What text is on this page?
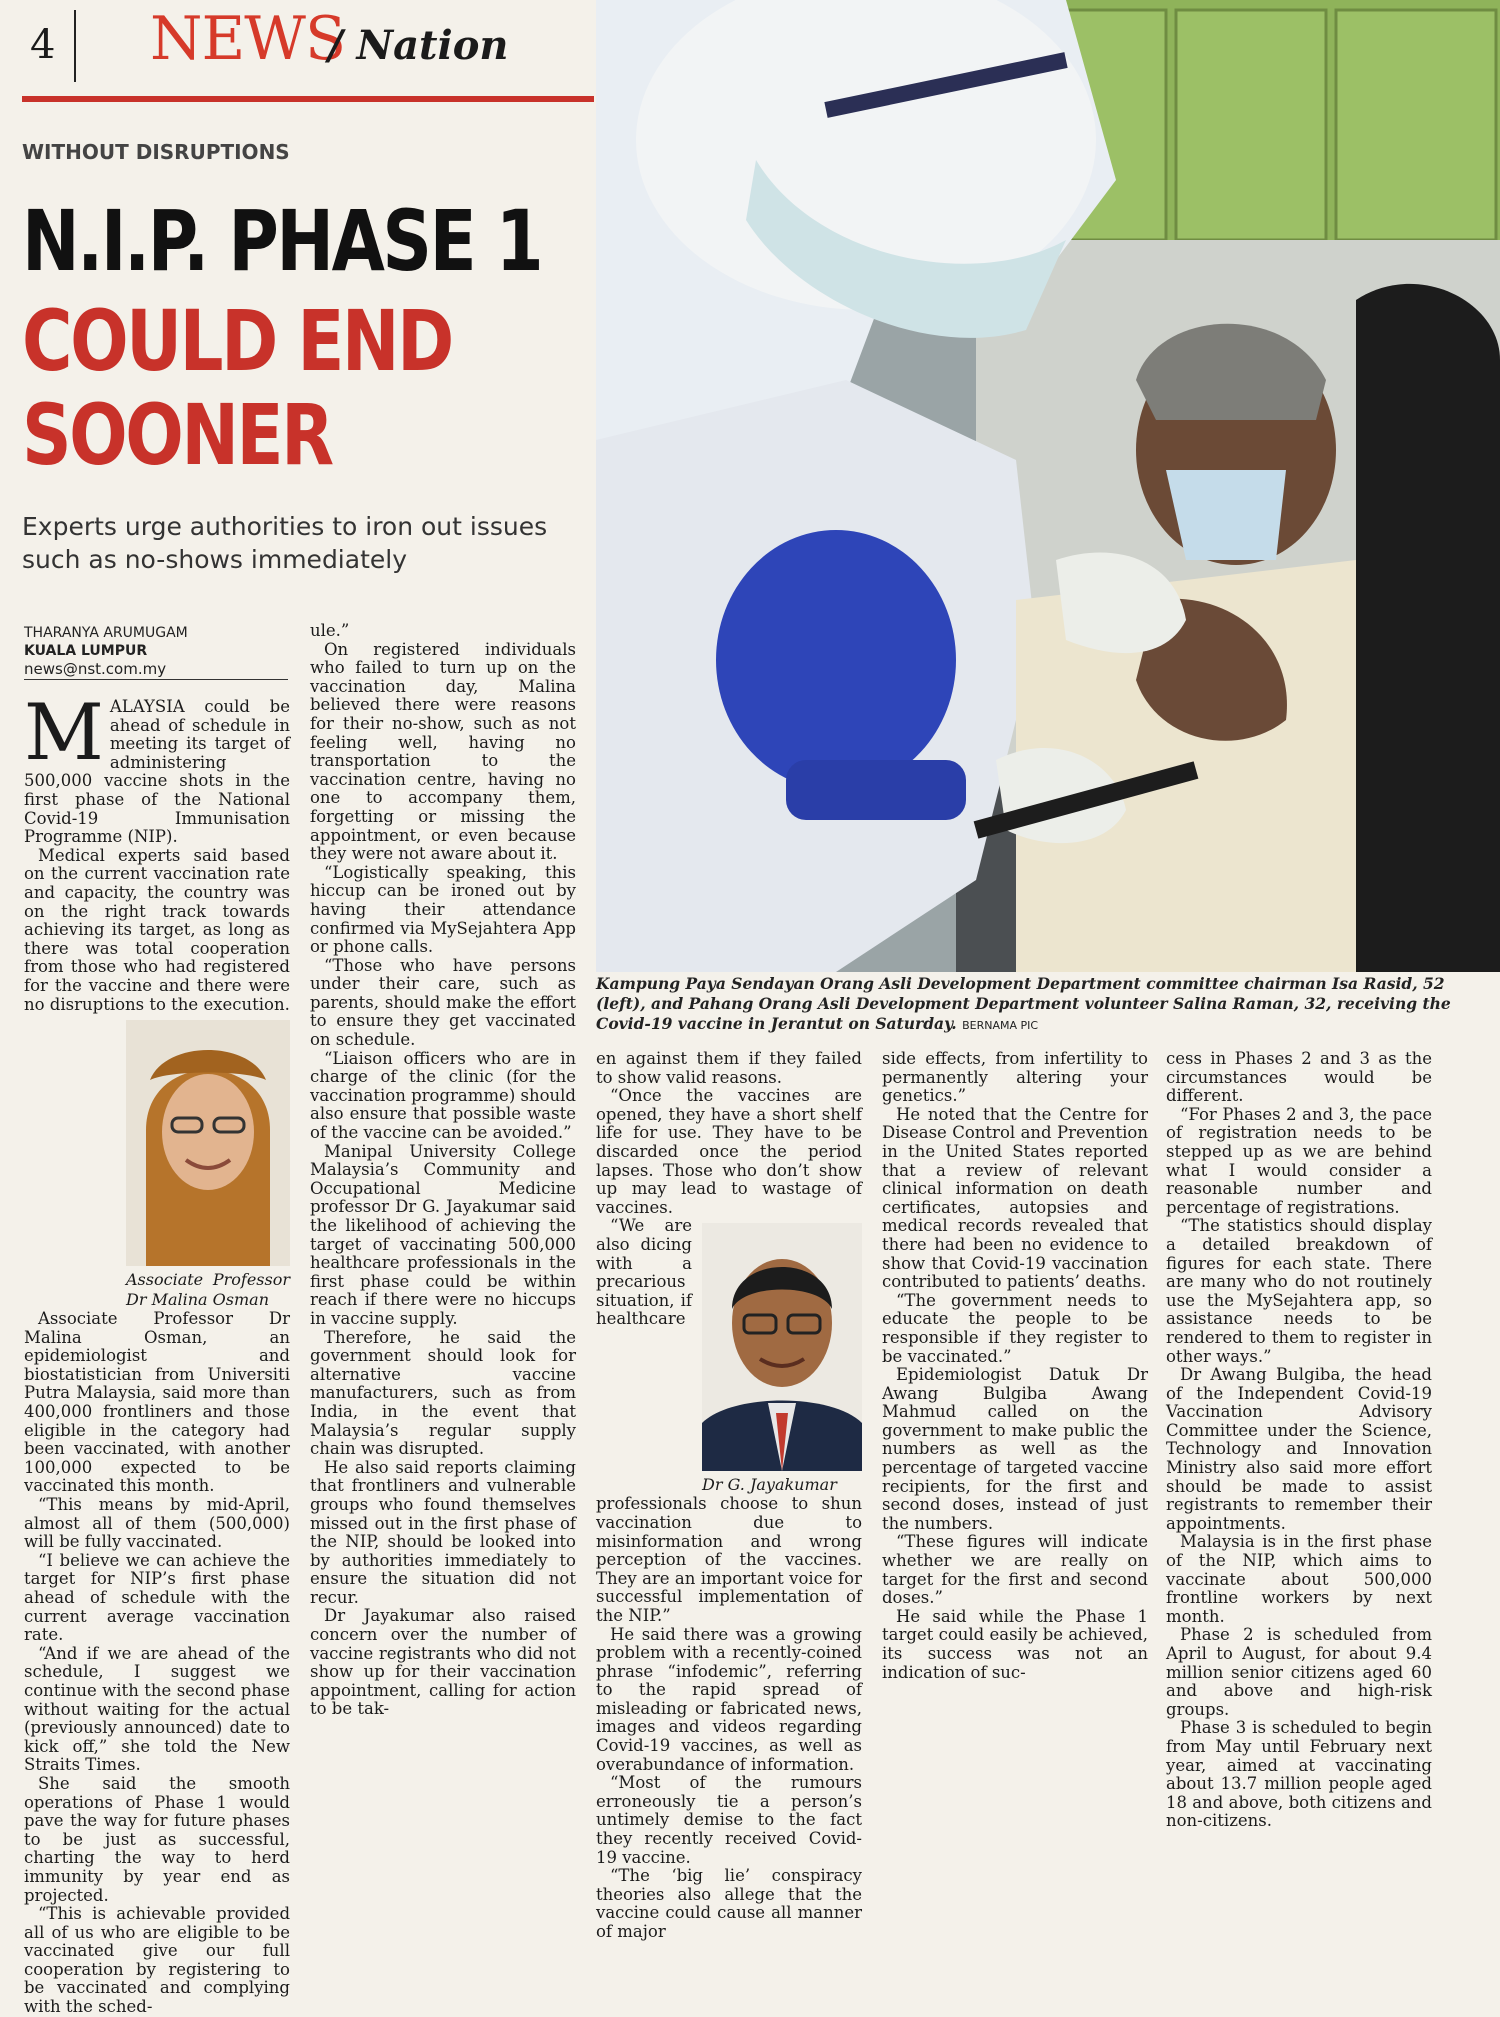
4 NEWS
/ Nation
WITHOUT DISRUPTIONS
N.I.P. PHASE 1
COULD END
SOONER
Experts urge authorities to iron out issues such as no-shows immediately
THARANYA ARUMUGAM
KUALA LUMPUR
news@nst.com.my
Kampung Paya Sendayan Orang Asli Development Department committee chairman Isa Rasid, 52 (left), and Pahang Orang Asli Development Department volunteer Salina Raman, 32, receiving the Covid-19 vaccine in Jerantut on Saturday. BERNAMA PIC

MALAYSIA could be ahead of schedule in meeting its target of administering 500,000 vaccine shots in the first phase of the National Covid-19 Immunisation Programme (NIP).

Medical experts said based on the current vaccination rate and capacity, the country was on the right track towards achieving its target, as long as there was total cooperation from those who had registered for the vaccine and there were no disruptions to the execution.

Associate Professor Dr Malina Osman

Associate Professor Dr Malina Osman, an epidemiologist and biostatistician from Universiti Putra Malaysia, said more than 400,000 frontliners and those eligible in the category had been vaccinated, with another 100,000 expected to be vaccinated this month.

“This means by mid-April, almost all of them (500,000) will be fully vaccinated.

“I believe we can achieve the target for NIP’s first phase ahead of schedule with the current average vaccination rate.

“And if we are ahead of the schedule, I suggest we continue with the second phase without waiting for the actual (previously announced) date to kick off,” she told the New Straits Times.

She said the smooth operations of Phase 1 would pave the way for future phases to be just as successful, charting the way to herd immunity by year end as projected.

“This is achievable provided all of us who are eligible to be vaccinated give our full cooperation by registering to be vaccinated and complying with the sched-

ule.”

On registered individuals who failed to turn up on the vaccination day, Malina believed there were reasons for their no-show, such as not feeling well, having no transportation to the vaccination centre, having no one to accompany them, forgetting or missing the appointment, or even because they were not aware about it.

“Logistically speaking, this hiccup can be ironed out by having their attendance confirmed via MySejahtera App or phone calls.

“Those who have persons under their care, such as parents, should make the effort to ensure they get vaccinated on schedule.

“Liaison officers who are in charge of the clinic (for the vaccination programme) should also ensure that possible waste of the vaccine can be avoided.”

Manipal University College Malaysia’s Community and Occupational Medicine professor Dr G. Jayakumar said the likelihood of achieving the target of vaccinating 500,000 healthcare professionals in the first phase could be within reach if there were no hiccups in vaccine supply.

Therefore, he said the government should look for alternative vaccine manufacturers, such as from India, in the event that Malaysia’s regular supply chain was disrupted.

He also said reports claiming that frontliners and vulnerable groups who found themselves missed out in the first phase of the NIP, should be looked into by authorities immediately to ensure the situation did not recur.

Dr Jayakumar also raised concern over the number of vaccine registrants who did not show up for their vaccination appointment, calling for action to be tak-

en against them if they failed to show valid reasons.

“Once the vaccines are opened, they have a short shelf life for use. They have to be discarded once the period lapses. Those who don’t show up may lead to wastage of vaccines.

Dr G. Jayakumar

“We are also dicing with a precarious situation, if healthcare professionals choose to shun vaccination due to misinformation and wrong perception of the vaccines. They are an important voice for successful implementation of the NIP.”

He said there was a growing problem with a recently-coined phrase “infodemic”, referring to the rapid spread of misleading or fabricated news, images and videos regarding Covid-19 vaccines, as well as overabundance of information.

“Most of the rumours erroneously tie a person’s untimely demise to the fact they recently received Covid-19 vaccine.

“The ‘big lie’ conspiracy theories also allege that the vaccine could cause all manner of major

side effects, from infertility to permanently altering your genetics.”

He noted that the Centre for Disease Control and Prevention in the United States reported that a review of relevant clinical information on death certificates, autopsies and medical records revealed that there had been no evidence to show that Covid-19 vaccination contributed to patients’ deaths.

“The government needs to educate the people to be responsible if they register to be vaccinated.”

Epidemiologist Datuk Dr Awang Bulgiba Awang Mahmud called on the government to make public the numbers as well as the percentage of targeted vaccine recipients, for the first and second doses, instead of just the numbers.

“These figures will indicate whether we are really on target for the first and second doses.”

He said while the Phase 1 target could easily be achieved, its success was not an indication of suc-

cess in Phases 2 and 3 as the circumstances would be different.

“For Phases 2 and 3, the pace of registration needs to be stepped up as we are behind what I would consider a reasonable number and percentage of registrations.

“The statistics should display a detailed breakdown of figures for each state. There are many who do not routinely use the MySejahtera app, so assistance needs to be rendered to them to register in other ways.”

Dr Awang Bulgiba, the head of the Independent Covid-19 Vaccination Advisory Committee under the Science, Technology and Innovation Ministry also said more effort should be made to assist registrants to remember their appointments.

Malaysia is in the first phase of the NIP, which aims to vaccinate about 500,000 frontline workers by next month.

Phase 2 is scheduled from April to August, for about 9.4 million senior citizens aged 60 and above and high-risk groups.

Phase 3 is scheduled to begin from May until February next year, aimed at vaccinating about 13.7 million people aged 18 and above, both citizens and non-citizens.
